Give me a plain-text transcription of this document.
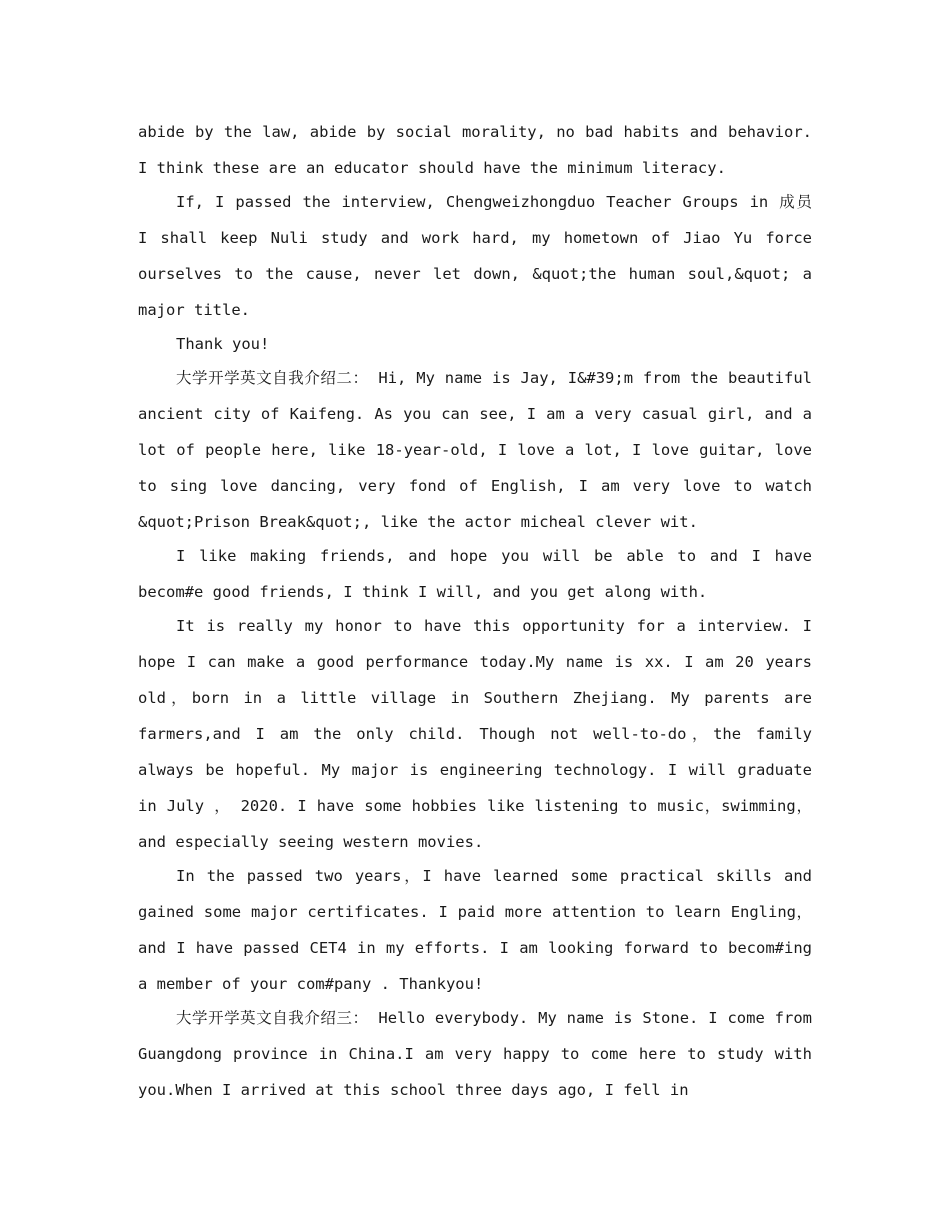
abide by the law, abide by social morality, no bad habits and behavior. I think these are an educator should have the minimum literacy.

If, I passed the interview, Chengweizhongduo Teacher Groups in 成员 I shall keep Nuli study and work hard, my hometown of Jiao Yu force ourselves to the cause, never let down, &quot;the human soul,&quot; a major title.

Thank you!

大学开学英文自我介绍二： Hi, My name is Jay, I&#39;m from the beautiful ancient city of Kaifeng. As you can see, I am a very casual girl, and a lot of people here, like 18-year-old, I love a lot, I love guitar, love to sing love dancing, very fond of English, I am very love to watch &quot;Prison Break&quot;, like the actor micheal clever wit.

I like making friends, and hope you will be able to and I have becom#e good friends, I think I will, and you get along with.

It is really my honor to have this opportunity for a interview. I hope I can make a good performance today.My name is xx. I am 20 years old，born in a little village in Southern Zhejiang. My parents are farmers,and I am the only child. Though not well-to-do，the family always be hopeful. My major is engineering technology. I will graduate in July ， 2020. I have some hobbies like listening to music，swimming，and especially seeing western movies.

In the passed two years，I have learned some practical skills and gained some major certificates. I paid more attention to learn Engling，and I have passed CET4 in my efforts. I am looking forward to becom#ing a member of your com#pany . Thankyou!

大学开学英文自我介绍三： Hello everybody. My name is Stone. I come from Guangdong province in China.I am very happy to come here to study with you.When I arrived at this school three days ago, I fell in
